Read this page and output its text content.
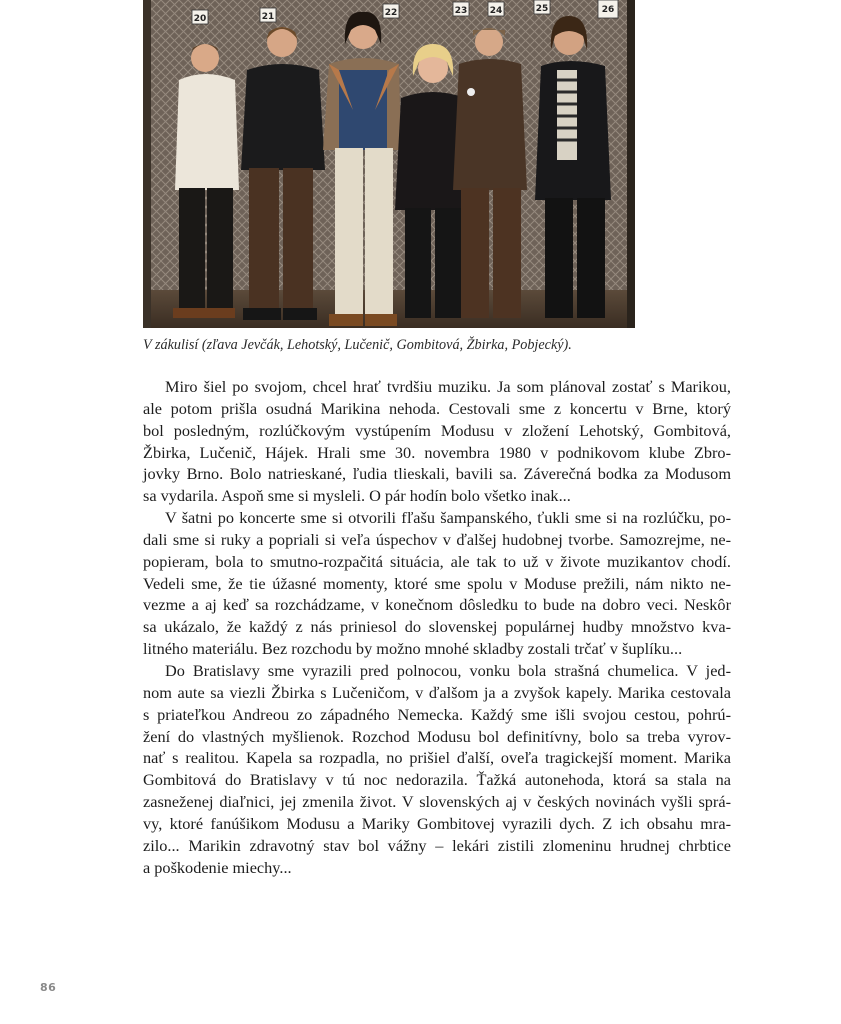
20	21	22	23 24	25	26
V zákulisí (zľava Jevčák, Lehotský, Lučenič, Gombitová, Žbirka, Pobjecký).
Miro šiel po svojom, chcel hrať tvrdšiu muziku. Ja som plánoval zostať s Marikou,
ale potom prišla osudná Marikina nehoda. Cestovali sme z koncertu v Brne, ktorý
bol posledným, rozlúčkovým vystúpením Modusu v zložení Lehotský, Gombitová,
Žbirka, Lučenič, Hájek. Hrali sme 30. novembra 1980 v podnikovom klube Zbro-
jovky Brno. Bolo natrieskané, ľudia tlieskali, bavili sa. Záverečná bodka za Modusom
sa vydarila. Aspoň sme si mysleli. O pár hodín bolo všetko inak...
V šatni po koncerte sme si otvorili fľašu šampanského, ťukli sme si na rozlúčku, po-
dali sme si ruky a popriali si veľa úspechov v ďalšej hudobnej tvorbe. Samozrejme, ne-
popieram, bola to smutno-rozpačitá situácia, ale tak to už v živote muzikantov chodí.
Vedeli sme, že tie úžasné momenty, ktoré sme spolu v Moduse prežili, nám nikto ne-
vezme a aj keď sa rozchádzame, v konečnom dôsledku to bude na dobro veci. Neskôr
sa ukázalo, že každý z nás priniesol do slovenskej populárnej hudby množstvo kva-
litného materiálu. Bez rozchodu by možno mnohé skladby zostali trčať v šuplíku...
Do Bratislavy sme vyrazili pred polnocou, vonku bola strašná chumelica. V jed-
nom aute sa viezli Žbirka s Lučeničom, v ďalšom ja a zvyšok kapely. Marika cestovala
s priateľkou Andreou zo západného Nemecka. Každý sme išli svojou cestou, pohrú-
žení do vlastných myšlienok. Rozchod Modusu bol definitívny, bolo sa treba vyrov-
nať s realitou. Kapela sa rozpadla, no prišiel ďalší, oveľa tragickejší moment. Marika
Gombitová do Bratislavy v tú noc nedorazila. Ťažká autonehoda, ktorá sa stala na
zasneženej diaľnici, jej zmenila život. V slovenských aj v českých novinách vyšli sprá-
vy, ktoré fanúšikom Modusu a Mariky Gombitovej vyrazili dych. Z ich obsahu mra-
zilo... Marikin zdravotný stav bol vážny – lekári zistili zlomeninu hrudnej chrbtice
a poškodenie miechy...
86
